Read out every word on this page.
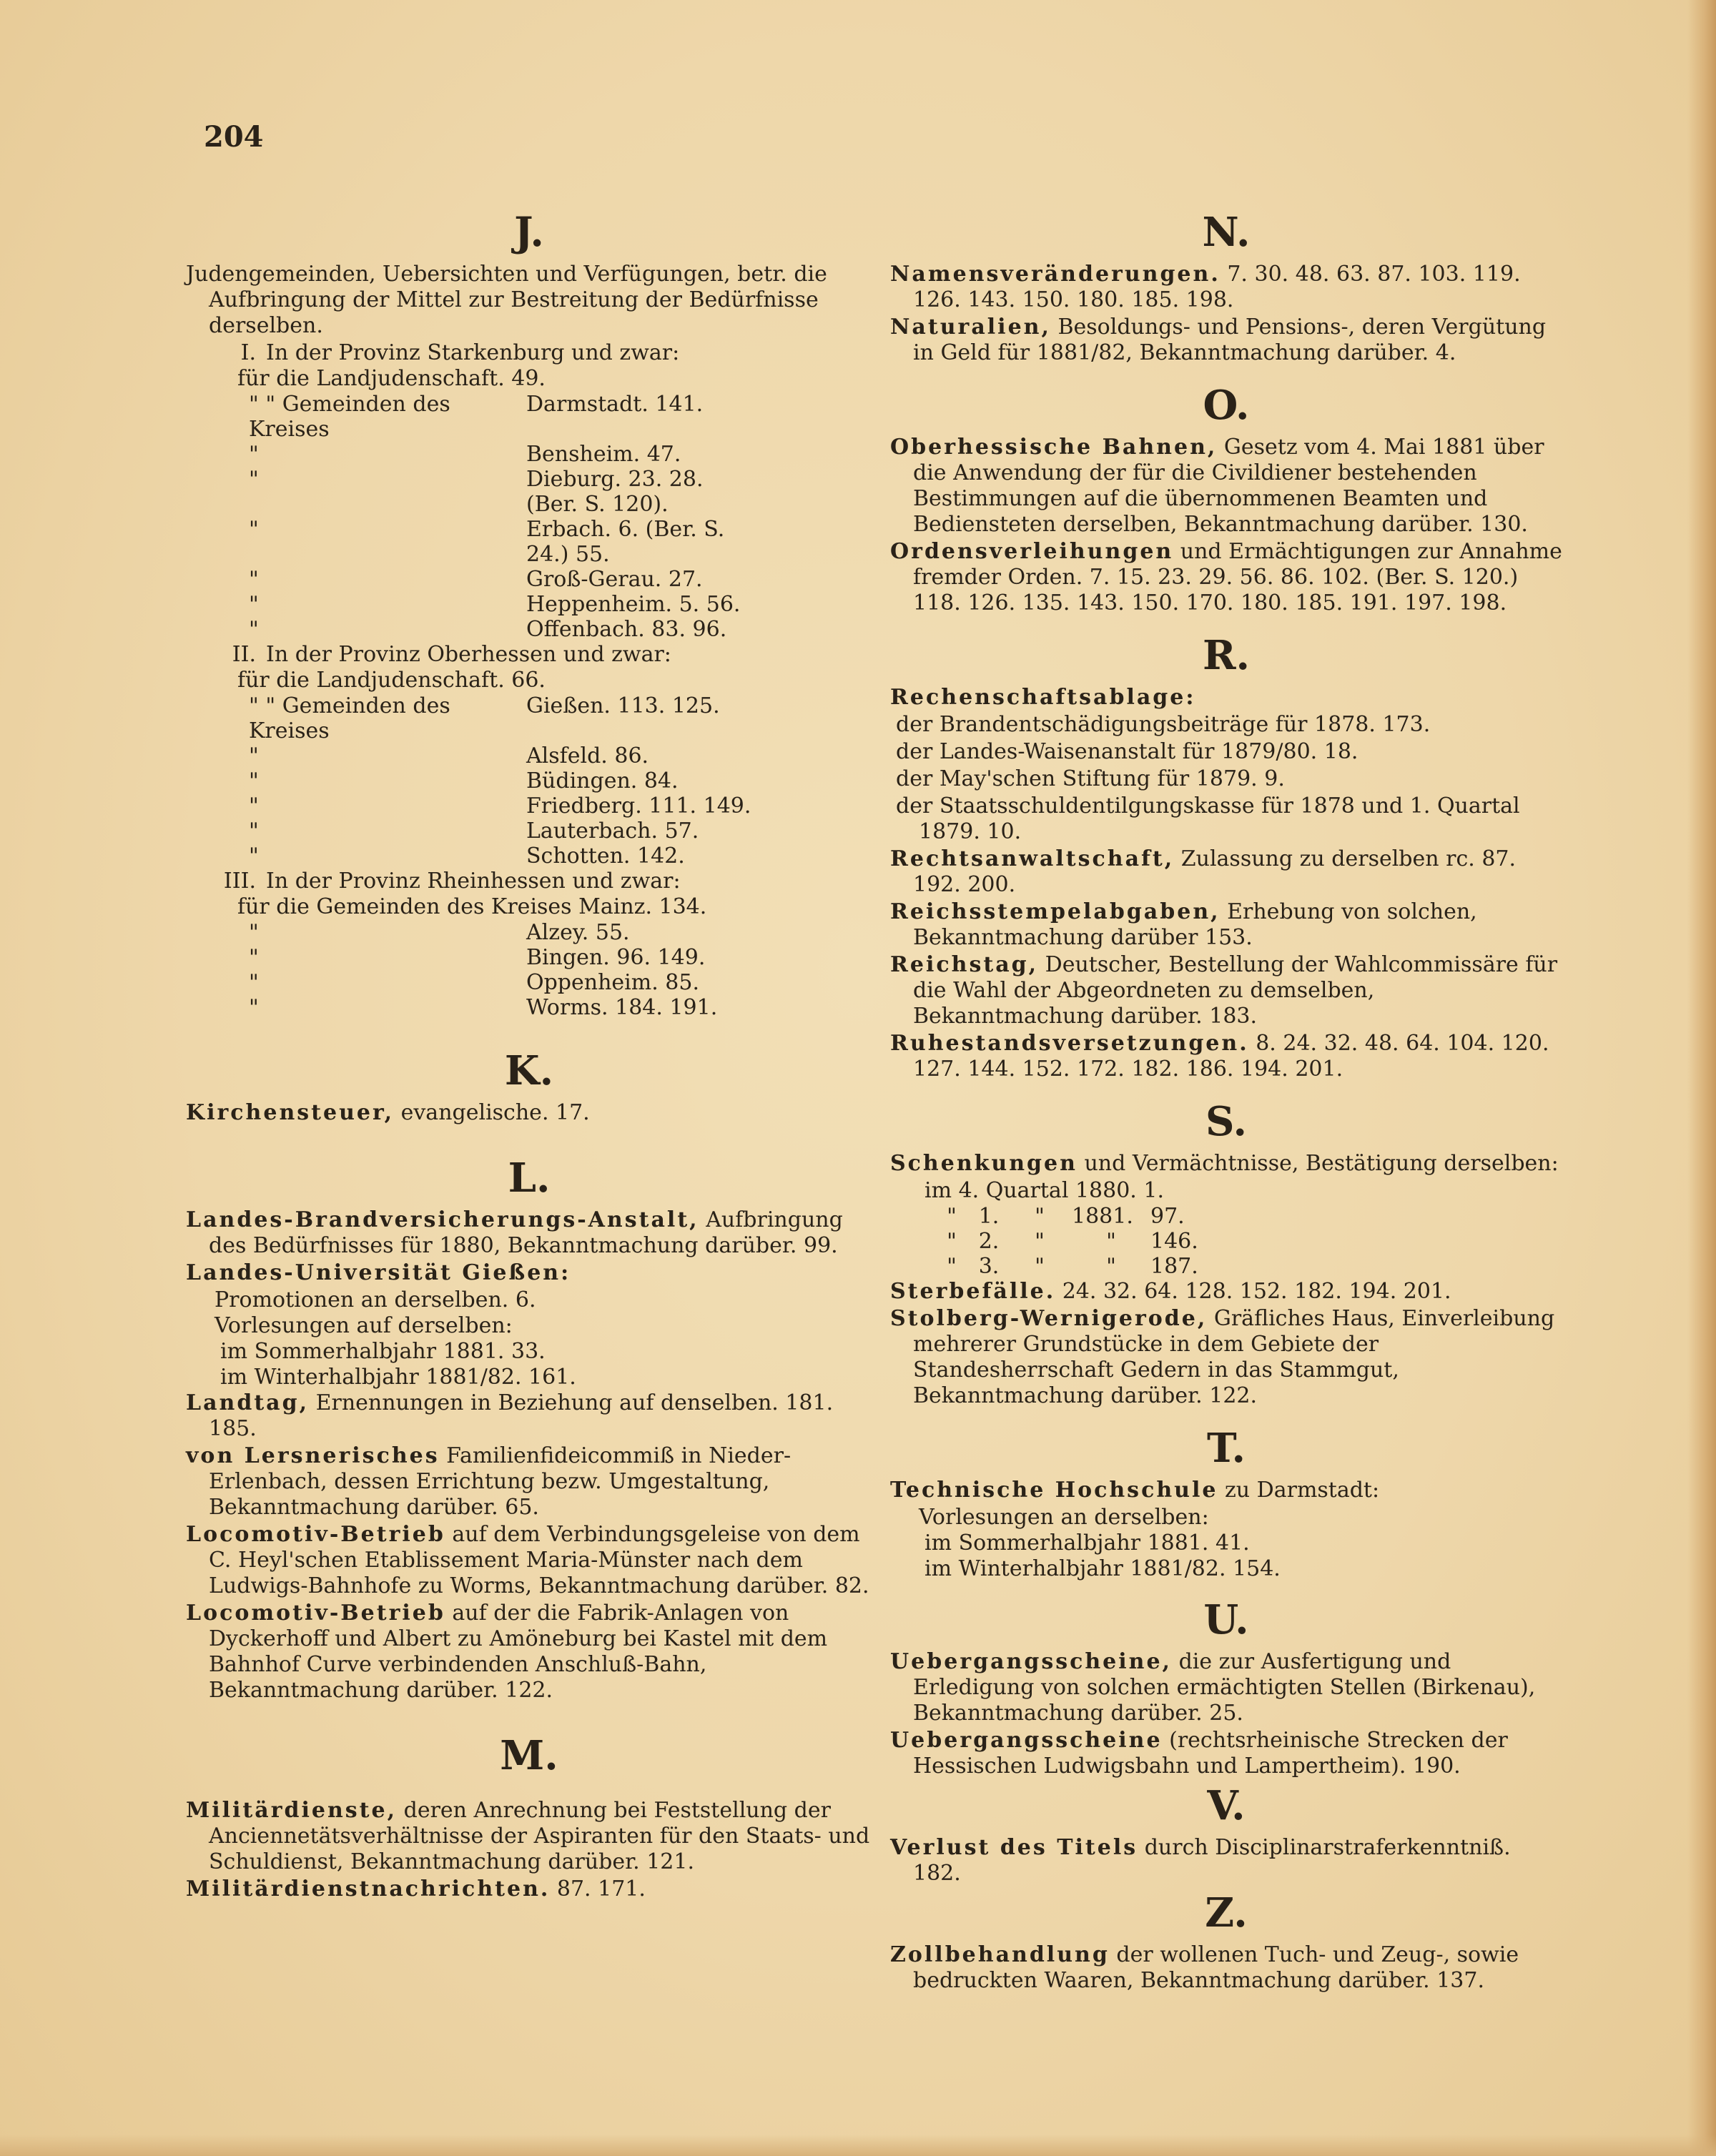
204
J.

Judengemeinden, Uebersichten und Verfügungen, betr. die Aufbringung der Mittel zur Bestreitung der Bedürfnisse derselben.

I. In der Provinz Starkenburg und zwar:

für die Landjudenschaft. 49.

" " Gemeinden des Kreises	Darmstadt. 141.
"	Bensheim. 47.
"	Dieburg. 23. 28. (Ber. S. 120).
"	Erbach. 6. (Ber. S. 24.) 55.
"	Groß-Gerau. 27.
"	Heppenheim. 5. 56.
"	Offenbach. 83. 96.

II. In der Provinz Oberhessen und zwar:

für die Landjudenschaft. 66.

" " Gemeinden des Kreises	Gießen. 113. 125.
"	Alsfeld. 86.
"	Büdingen. 84.
"	Friedberg. 111. 149.
"	Lauterbach. 57.
"	Schotten. 142.

III. In der Provinz Rheinhessen und zwar:

für die Gemeinden des Kreises Mainz. 134.

"	Alzey. 55.
"	Bingen. 96. 149.
"	Oppenheim. 85.
"	Worms. 184. 191.
K.

Kirchensteuer, evangelische. 17.

L.

Landes-Brandversicherungs-Anstalt, Aufbringung des Bedürfnisses für 1880, Bekanntmachung darüber. 99.

Landes-Universität Gießen:

Promotionen an derselben. 6.

Vorlesungen auf derselben:

im Sommerhalbjahr 1881. 33.

im Winterhalbjahr 1881/82. 161.

Landtag, Ernennungen in Beziehung auf denselben. 181. 185.

von Lersnerisches Familienfideicommiß in Nieder-Erlenbach, dessen Errichtung bezw. Umgestaltung, Bekanntmachung darüber. 65.

Locomotiv-Betrieb auf dem Verbindungsgeleise von dem C. Heyl'schen Etablissement Maria-Münster nach dem Ludwigs-Bahnhofe zu Worms, Bekanntmachung darüber. 82.

Locomotiv-Betrieb auf der die Fabrik-Anlagen von Dyckerhoff und Albert zu Amöneburg bei Kastel mit dem Bahnhof Curve verbindenden Anschluß-Bahn, Bekanntmachung darüber. 122.

M.

Militärdienste, deren Anrechnung bei Feststellung der Anciennetätsverhältnisse der Aspiranten für den Staats- und Schuldienst, Bekanntmachung darüber. 121.

Militärdienstnachrichten. 87. 171.

N.

Namensveränderungen. 7. 30. 48. 63. 87. 103. 119. 126. 143. 150. 180. 185. 198.

Naturalien, Besoldungs- und Pensions-, deren Vergütung in Geld für 1881/82, Bekanntmachung darüber. 4.

O.

Oberhessische Bahnen, Gesetz vom 4. Mai 1881 über die Anwendung der für die Civildiener bestehenden Bestimmungen auf die übernommenen Beamten und Bediensteten derselben, Bekanntmachung darüber. 130.

Ordensverleihungen und Ermächtigungen zur Annahme fremder Orden. 7. 15. 23. 29. 56. 86. 102. (Ber. S. 120.) 118. 126. 135. 143. 150. 170. 180. 185. 191. 197. 198.

R.

Rechenschaftsablage:

der Brandentschädigungsbeiträge für 1878. 173.

der Landes-Waisenanstalt für 1879/80. 18.

der May'schen Stiftung für 1879. 9.

der Staatsschuldentilgungskasse für 1878 und 1. Quartal 1879. 10.

Rechtsanwaltschaft, Zulassung zu derselben rc. 87. 192. 200.

Reichsstempelabgaben, Erhebung von solchen, Bekanntmachung darüber 153.

Reichstag, Deutscher, Bestellung der Wahlcommissäre für die Wahl der Abgeordneten zu demselben, Bekanntmachung darüber. 183.

Ruhestandsversetzungen. 8. 24. 32. 48. 64. 104. 120. 127. 144. 152. 172. 182. 186. 194. 201.

S.

Schenkungen und Vermächtnisse, Bestätigung derselben:

im 4. Quartal 1880. 1.

"	1.	"	1881.	97.
"	2.	"	"	146.
"	3.	"	"	187.

Sterbefälle. 24. 32. 64. 128. 152. 182. 194. 201.

Stolberg-Wernigerode, Gräfliches Haus, Einverleibung mehrerer Grundstücke in dem Gebiete der Standesherrschaft Gedern in das Stammgut, Bekanntmachung darüber. 122.

T.

Technische Hochschule zu Darmstadt:

Vorlesungen an derselben:

im Sommerhalbjahr 1881. 41.

im Winterhalbjahr 1881/82. 154.

U.

Uebergangsscheine, die zur Ausfertigung und Erledigung von solchen ermächtigten Stellen (Birkenau), Bekanntmachung darüber. 25.

Uebergangsscheine (rechtsrheinische Strecken der Hessischen Ludwigsbahn und Lampertheim). 190.

V.

Verlust des Titels durch Disciplinarstraferkenntniß. 182.

Z.

Zollbehandlung der wollenen Tuch- und Zeug-, sowie bedruckten Waaren, Bekanntmachung darüber. 137.
